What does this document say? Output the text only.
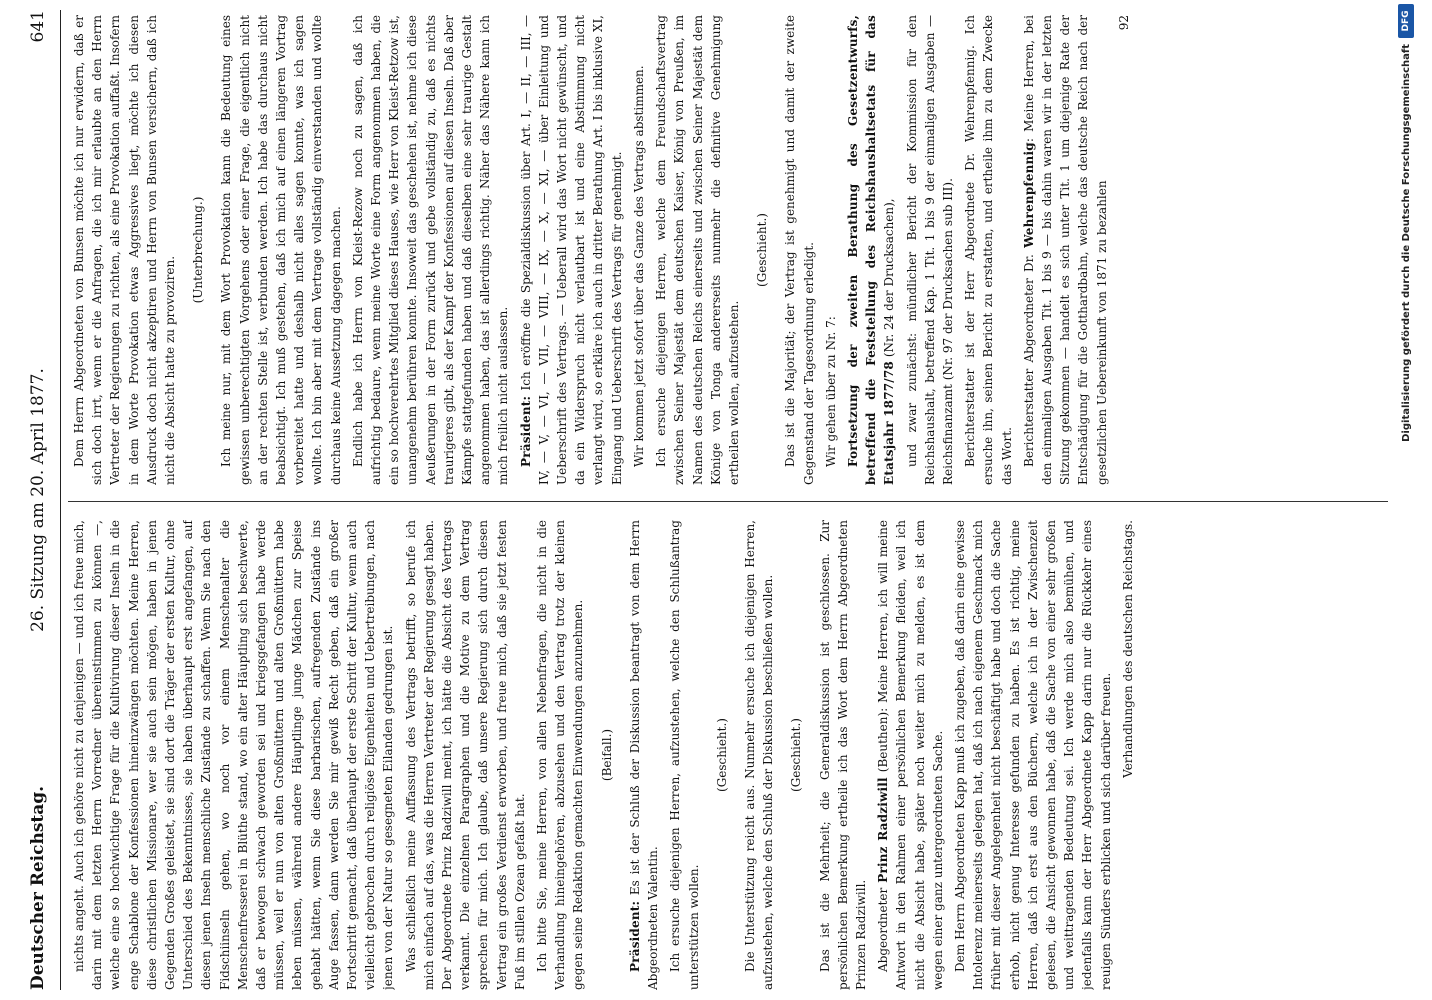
Deutscher Reichstag.
26. Sitzung am 20. April 1877.
641

nichts angeht. Auch ich gehöre nicht zu denjenigen — und ich freue mich, darin mit dem letzten Herrn Vorredner übereinstimmen zu können —, welche eine so hochwichtige Frage für die Kultivirung dieser Inseln in die enge Schablone der Konfessionen hineinzwängen möchten. Meine Herren, diese christlichen Missionare, wer sie auch sein mögen, haben in jenen Gegenden Großes geleistet, sie sind dort die Träger der ersten Kultur, ohne Unterschied des Bekenntnisses, sie haben überhaupt erst angefangen, auf diesen jenen Inseln menschliche Zustände zu schaffen. Wenn Sie nach den Fidschiinseln gehen, wo noch vor einem Menschenalter die Menschenfresserei in Blüthe stand, wo ein alter Häuptling sich beschwerte, daß er bewogen schwach geworden sei und kriegsgefangen habe werde müssen, weil er nun von alten Großmüttern und alten Großmüttern habe leben müssen, während andere Häuptlinge junge Mädchen zur Speise gehabt hätten, wenn Sie diese barbarischen, aufregenden Zustände ins Auge fassen, dann werden Sie mir gewiß Recht geben, daß ein großer Fortschritt gemacht, daß überhaupt der erste Schritt der Kultur, wenn auch vielleicht gebrochen durch religiöse Eigenheiten und Uebertreibungen, nach jenen von der Natur so gesegneten Eilanden gedrungen ist. Was schließlich meine Auffassung des Vertrags betrifft, so berufe ich mich einfach auf das, was die Herren Vertreter der Regierung gesagt haben. Der Abgeordnete Prinz Radziwill meint, ich hätte die Absicht des Vertrags verkannt. Die einzelnen Paragraphen und die Motive zu dem Vertrag sprechen für mich. Ich glaube, daß unsere Regierung sich durch diesen Vertrag ein großes Verdienst erworben, und freue mich, daß sie jetzt festen Fuß im stillen Ozean gefaßt hat. Ich bitte Sie, meine Herren, von allen Nebenfragen, die nicht in die Verhandlung hineingehören, abzusehen und den Vertrag trotz der kleinen gegen seine Redaktion gemachten Einwendungen anzunehmen. (Beifall.)

Präsident: Es ist der Schluß der Diskussion beantragt von dem Herrn Abgeordneten Valentin. Ich ersuche diejenigen Herren, aufzustehen, welche den Schlußantrag unterstützen wollen.

(Geschieht.) Die Unterstützung reicht aus. Nunmehr ersuche ich diejenigen Herren, aufzustehen, welche den Schluß der Diskussion beschließen wollen. (Geschieht.) Das ist die Mehrheit; die Generaldiskussion ist geschlossen. Zur persönlichen Bemerkung ertheile ich das Wort dem Herrn Abgeordneten Prinzen Radziwill. Abgeordneter Prinz Radziwill (Beuthen): Meine Herren, ich will meine Antwort in den Rahmen einer persönlichen Bemerkung fleiden, weil ich nicht die Absicht habe, später noch weiter mich zu melden, es ist dem wegen einer ganz untergeordneten Sache. Dem Herrn Abgeordneten Kapp muß ich zugeben, daß darin eine gewisse Intolerenz meinerseits gelegen hat, daß ich nach eigenem Geschmack mich früher mit dieser Angelegenheit nicht beschäftigt habe und doch die Sache erhob, nicht genug Interesse gefunden zu haben. Es ist richtig, meine Herren, daß ich erst aus den Büchern, welche ich in der Zwischenzeit gelesen, die Ansicht gewonnen habe, daß die Sache von einer sehr großen und weittragenden Bedeutung sei. Ich werde mich also bemühen, und jedenfalls kann der Herr Abgeordnete Kapp darin nur die Rückkehr eines reuigen Sünders erblicken und sich darüber freuen.

Verhandlungen des deutschen Reichstags.

Dem Herrn Abgeordneten von Bunsen möchte ich nur erwidern, daß er sich doch irrt, wenn er die Anfragen, die ich mir erlaubte an den Herrn Vertreter der Regierungen zu richten, als eine Provokation auffaßt. Insofern in dem Worte Provokation etwas Aggressives liegt, möchte ich diesen Ausdruck doch nicht akzeptiren und Herrn von Bunsen versichern, daß ich nicht die Absicht hatte zu provoziren.

(Unterbrechung.) Ich meine nur, mit dem Wort Provokation kann die Bedeutung eines gewissen unberechtigten Vorgehens oder einer Frage, die eigentlich nicht an der rechten Stelle ist, verbunden werden. Ich habe das durchaus nicht beabsichtigt. Ich muß gestehen, daß ich mich auf einen längeren Vortrag vorbereitet hatte und deshalb nicht alles sagen konnte, was ich sagen wollte. Ich bin aber mit dem Vertrage vollständig einverstanden und wollte durchaus keine Aussetzung dagegen machen. Endlich habe ich Herrn von Kleist-Rezow noch zu sagen, daß ich aufrichtig bedaure, wenn meine Worte eine Form angenommen haben, die ein so hochverehrtes Mitglied dieses Hauses, wie Herr von Kleist-Retzow ist, unangenehm berühren konnte. Insoweit das geschehen ist, nehme ich diese Aeußerungen in der Form zurück und gebe vollständig zu, daß es nichts traurigeres gibt, als der Kampf der Konfessionen auf diesen Inseln. Daß aber Kämpfe stattgefunden haben und daß dieselben eine sehr traurige Gestalt angenommen haben, das ist allerdings richtig. Näher das Nähere kann ich mich freilich nicht auslassen. Präsident: Ich eröffne die Spezialdiskussion über Art. I, — II, — III, — IV, — V, — VI, — VII, — VIII, — IX, — X, — XI, — über Einleitung und Ueberschrift des Vertrags. — Ueberall wird das Wort nicht gewünscht, und da ein Widerspruch nicht verlautbart ist und eine Abstimmung nicht verlangt wird, so erkläre ich auch in dritter Berathung Art. I bis inklusive XI, Eingang und Ueberschrift des Vertrags für genehmigt. Wir kommen jetzt sofort über das Ganze des Vertrags abstimmen. Ich ersuche diejenigen Herren, welche dem Freundschaftsvertrag zwischen Seiner Majestät dem deutschen Kaiser, König von Preußen, im Namen des deutschen Reichs einerseits und zwischen Seiner Majestät dem Könige von Tonga andererseits nunmehr die definitive Genehmigung ertheilen wollen, aufzustehen.

(Geschieht.) Das ist die Majorität; der Vertrag ist genehmigt und damit der zweite Gegenstand der Tagesordnung erledigt. Wir gehen über zu Nr. 7: Fortsetzung der zweiten Berathung des Gesetzentwurfs, betreffend die Feststellung des Reichshaushaltsetats für das Etatsjahr 1877/78 (Nr. 24 der Drucksachen), und zwar zunächst: mündlicher Bericht der Kommission für den Reichshaushalt, betreffend Kap. 1 Tit. 1 bis 9 der einmaligen Ausgaben — Reichsfinanzamt (Nr. 97 der Drucksachen sub III). Berichterstatter ist der Herr Abgeordnete Dr. Wehrenpfennig. Ich ersuche ihn, seinen Bericht zu erstatten, und ertheile ihm zu dem Zwecke das Wort. Berichterstatter Abgeordneter Dr. Wehrenpfennig: Meine Herren, bei den einmaligen Ausgaben Tit. 1 bis 9 — bis dahin waren wir in der letzten Sitzung gekommen — handelt es sich unter Tit. 1 um diejenige Rate der Entschädigung für die Gotthardbahn, welche das deutsche Reich nach der gesetzlichen Uebereinkunft von 1871 zu bezahlen

92

Digitalisierung gefördert durch die Deutsche Forschungsgemeinschaft
DFG
